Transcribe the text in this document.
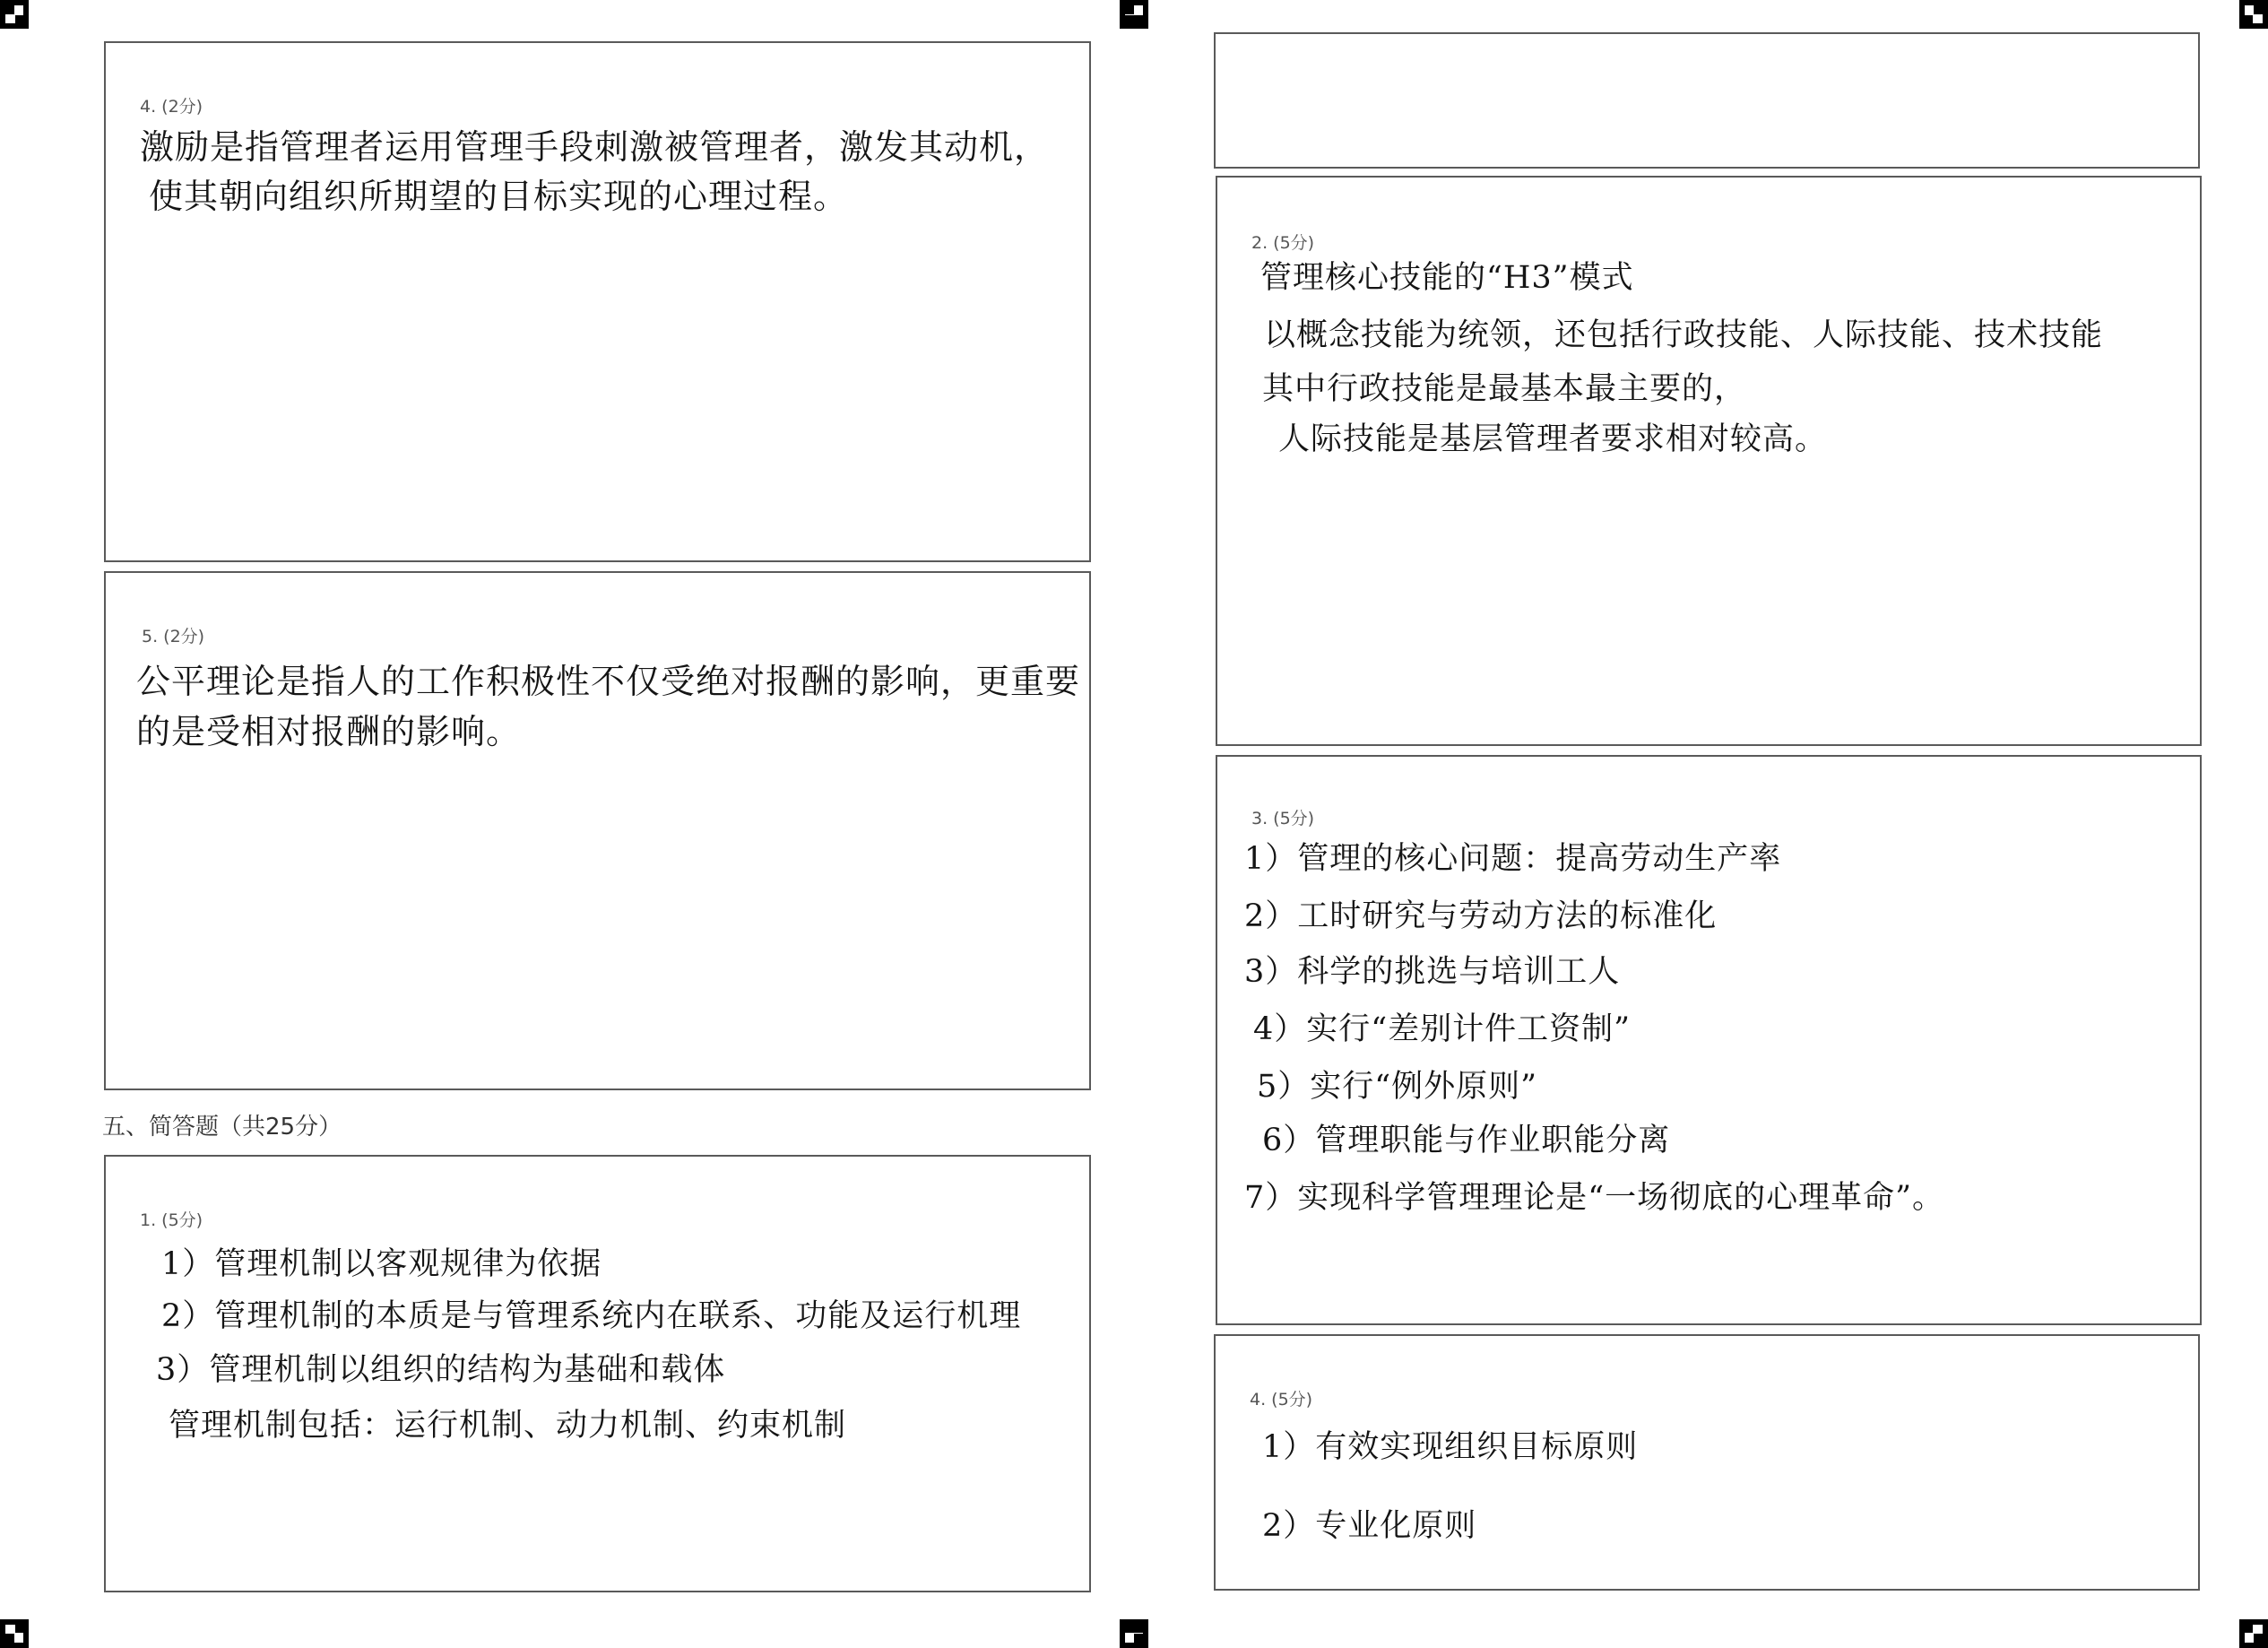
4. (2分)
激励是指管理者运用管理手段刺激被管理者，激发其动机，
使其朝向组织所期望的目标实现的心理过程。
5. (2分)
公平理论是指人的工作积极性不仅受绝对报酬的影响，更重要
的是受相对报酬的影响。
五、简答题（共25分）
1. (5分)
1）管理机制以客观规律为依据
2）管理机制的本质是与管理系统内在联系、功能及运行机理
3）管理机制以组织的结构为基础和载体
管理机制包括：运行机制、动力机制、约束机制
2. (5分)
管理核心技能的“H3”模式
以概念技能为统领，还包括行政技能、人际技能、技术技能
其中行政技能是最基本最主要的，
人际技能是基层管理者要求相对较高。
3. (5分)
1）管理的核心问题：提高劳动生产率
2）工时研究与劳动方法的标准化
3）科学的挑选与培训工人
4）实行“差别计件工资制”
5）实行“例外原则”
6）管理职能与作业职能分离
7）实现科学管理理论是“一场彻底的心理革命”。
4. (5分)
1）有效实现组织目标原则
2）专业化原则
